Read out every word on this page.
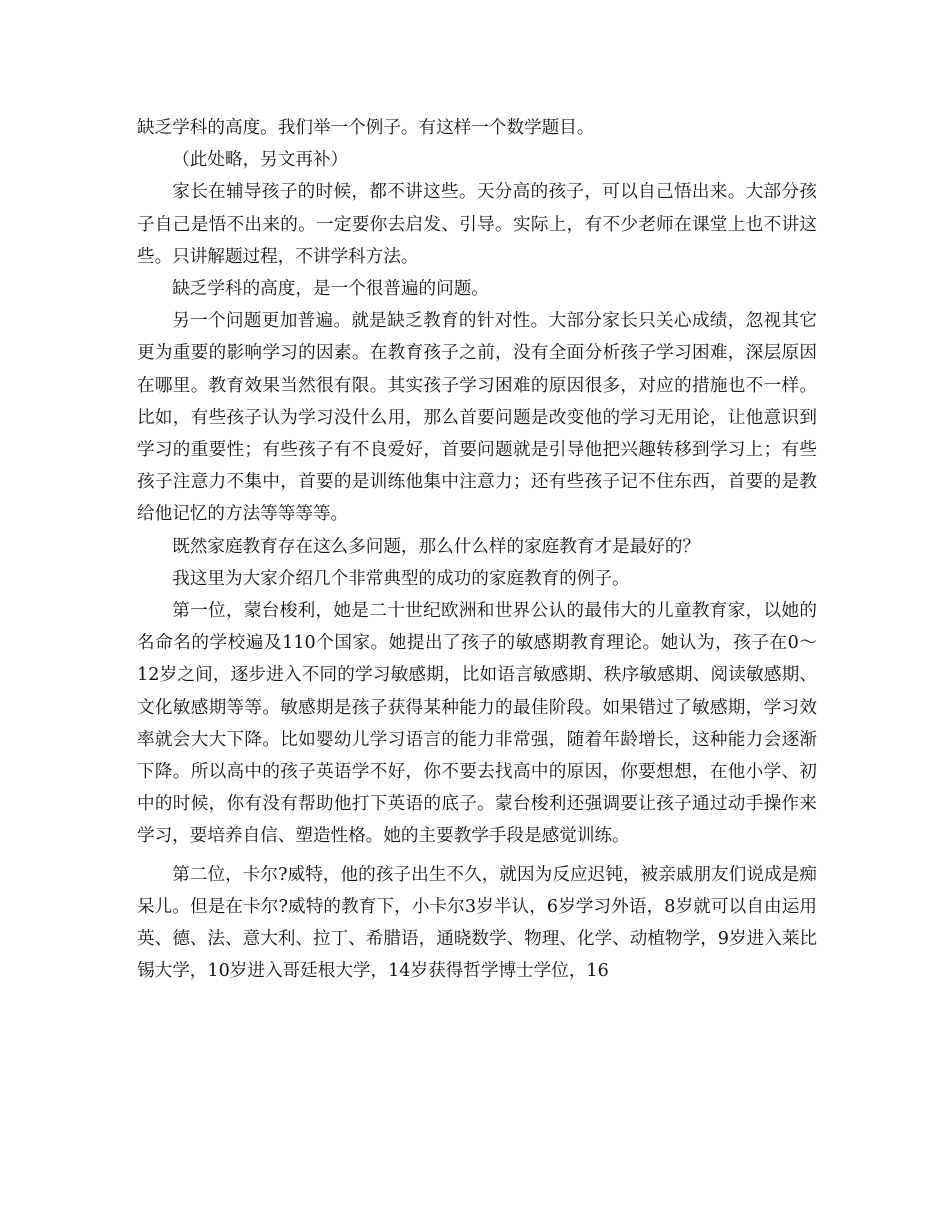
缺乏学科的高度。我们举一个例子。有这样一个数学题目。

（此处略，另文再补）

家长在辅导孩子的时候，都不讲这些。天分高的孩子，可以自己悟出来。大部分孩子自己是悟不出来的。一定要你去启发、引导。实际上，有不少老师在课堂上也不讲这些。只讲解题过程，不讲学科方法。

缺乏学科的高度，是一个很普遍的问题。

另一个问题更加普遍。就是缺乏教育的针对性。大部分家长只关心成绩，忽视其它更为重要的影响学习的因素。在教育孩子之前，没有全面分析孩子学习困难，深层原因在哪里。教育效果当然很有限。其实孩子学习困难的原因很多，对应的措施也不一样。比如，有些孩子认为学习没什么用，那么首要问题是改变他的学习无用论，让他意识到学习的重要性；有些孩子有不良爱好，首要问题就是引导他把兴趣转移到学习上；有些孩子注意力不集中，首要的是训练他集中注意力；还有些孩子记不住东西，首要的是教给他记忆的方法等等等等。

既然家庭教育存在这么多问题，那么什么样的家庭教育才是最好的？

我这里为大家介绍几个非常典型的成功的家庭教育的例子。

第一位，蒙台梭利，她是二十世纪欧洲和世界公认的最伟大的儿童教育家，以她的名命名的学校遍及110个国家。她提出了孩子的敏感期教育理论。她认为，孩子在0～12岁之间，逐步进入不同的学习敏感期，比如语言敏感期、秩序敏感期、阅读敏感期、文化敏感期等等。敏感期是孩子获得某种能力的最佳阶段。如果错过了敏感期，学习效率就会大大下降。比如婴幼儿学习语言的能力非常强，随着年龄增长，这种能力会逐渐下降。所以高中的孩子英语学不好，你不要去找高中的原因，你要想想，在他小学、初中的时候，你有没有帮助他打下英语的底子。蒙台梭利还强调要让孩子通过动手操作来学习，要培养自信、塑造性格。她的主要教学手段是感觉训练。

第二位，卡尔?威特，他的孩子出生不久，就因为反应迟钝，被亲戚朋友们说成是痴呆儿。但是在卡尔?威特的教育下，小卡尔3岁半认，6岁学习外语，8岁就可以自由运用英、德、法、意大利、拉丁、希腊语，通晓数学、物理、化学、动植物学，9岁进入莱比锡大学，10岁进入哥廷根大学，14岁获得哲学博士学位，16
